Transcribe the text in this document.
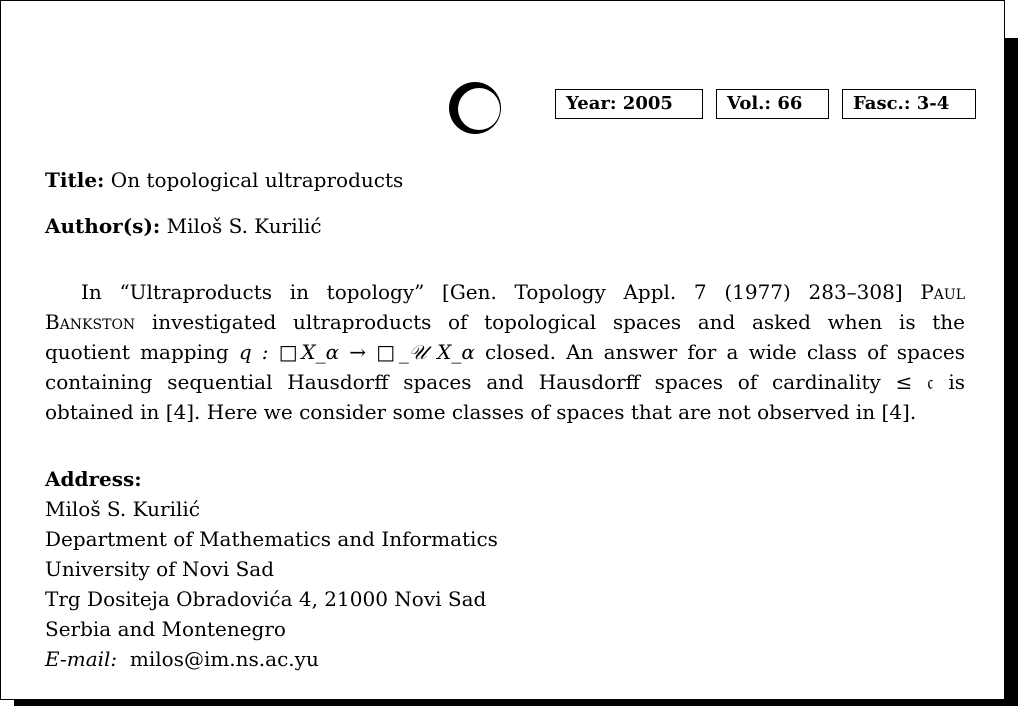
Year: 2005	Vol.: 66	Fasc.: 3-4
Title: On topological ultraproducts
Author(s): Miloš S. Kurilić
In “Ultraproducts in topology” [Gen. Topology Appl. 7 (1977) 283–308] Paul
Bankston investigated ultraproducts of topological spaces and asked when is the
quotient mapping q : □X_α → □_𝒰 X_α closed. An answer for a wide class of spaces
containing sequential Hausdorff spaces and Hausdorff spaces of cardinality ≤ 𝔠 is
obtained in [4]. Here we consider some classes of spaces that are not observed in [4].
Address:
Miloš S. Kurilić
Department of Mathematics and Informatics
University of Novi Sad
Trg Dositeja Obradovića 4, 21000 Novi Sad
Serbia and Montenegro
E-mail: milos@im.ns.ac.yu
